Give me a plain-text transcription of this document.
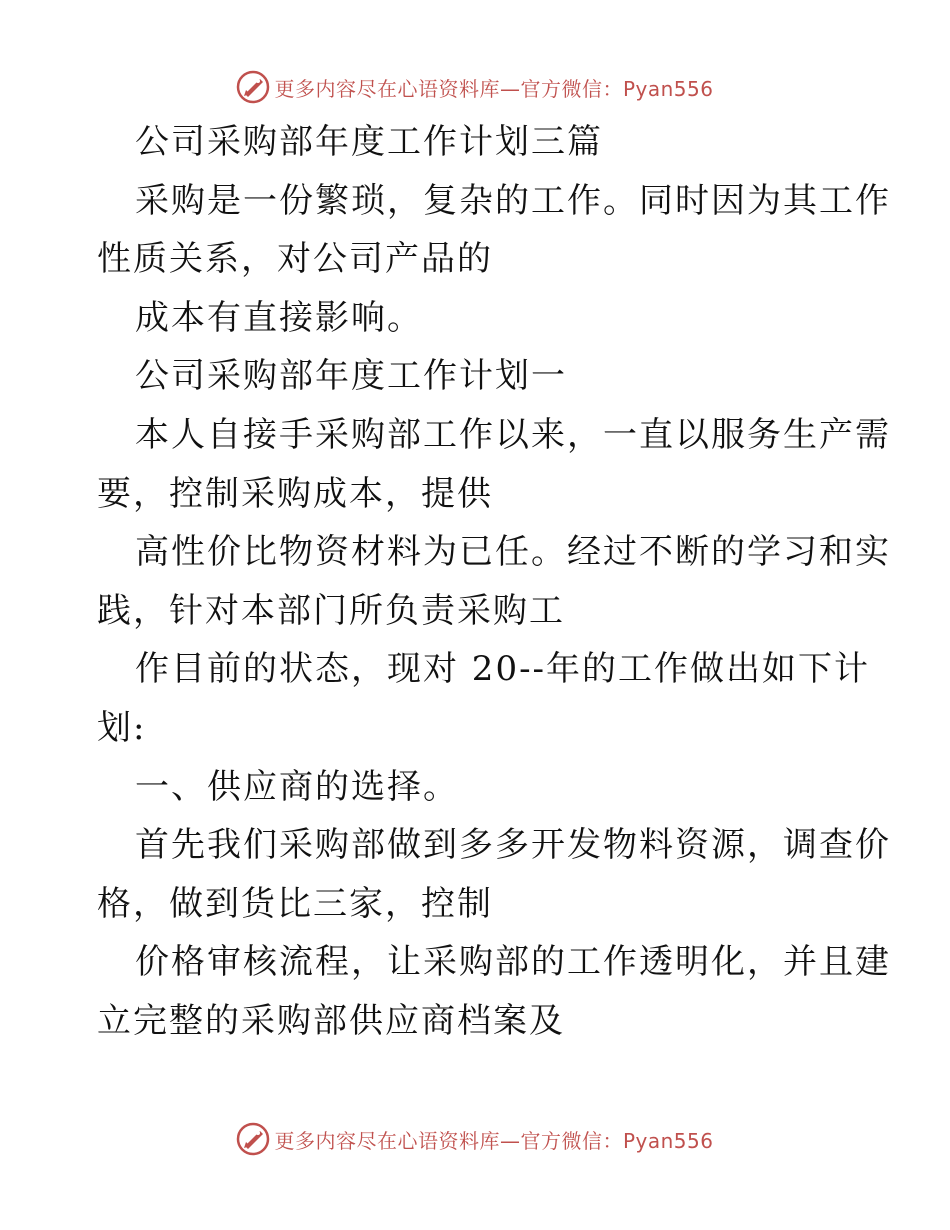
更多内容尽在心语资料库—官方微信：Pyan556
公司采购部年度工作计划三篇
采购是一份繁琐，复杂的工作。同时因为其工作
性质关系，对公司产品的
成本有直接影响。
公司采购部年度工作计划一
本人自接手采购部工作以来，一直以服务生产需
要，控制采购成本，提供
高性价比物资材料为已任。经过不断的学习和实
践，针对本部门所负责采购工
作目前的状态，现对 20--年的工作做出如下计
划:
一、供应商的选择。
首先我们采购部做到多多开发物料资源，调查价
格，做到货比三家，控制
价格审核流程，让采购部的工作透明化，并且建
立完整的采购部供应商档案及
更多内容尽在心语资料库—官方微信：Pyan556
